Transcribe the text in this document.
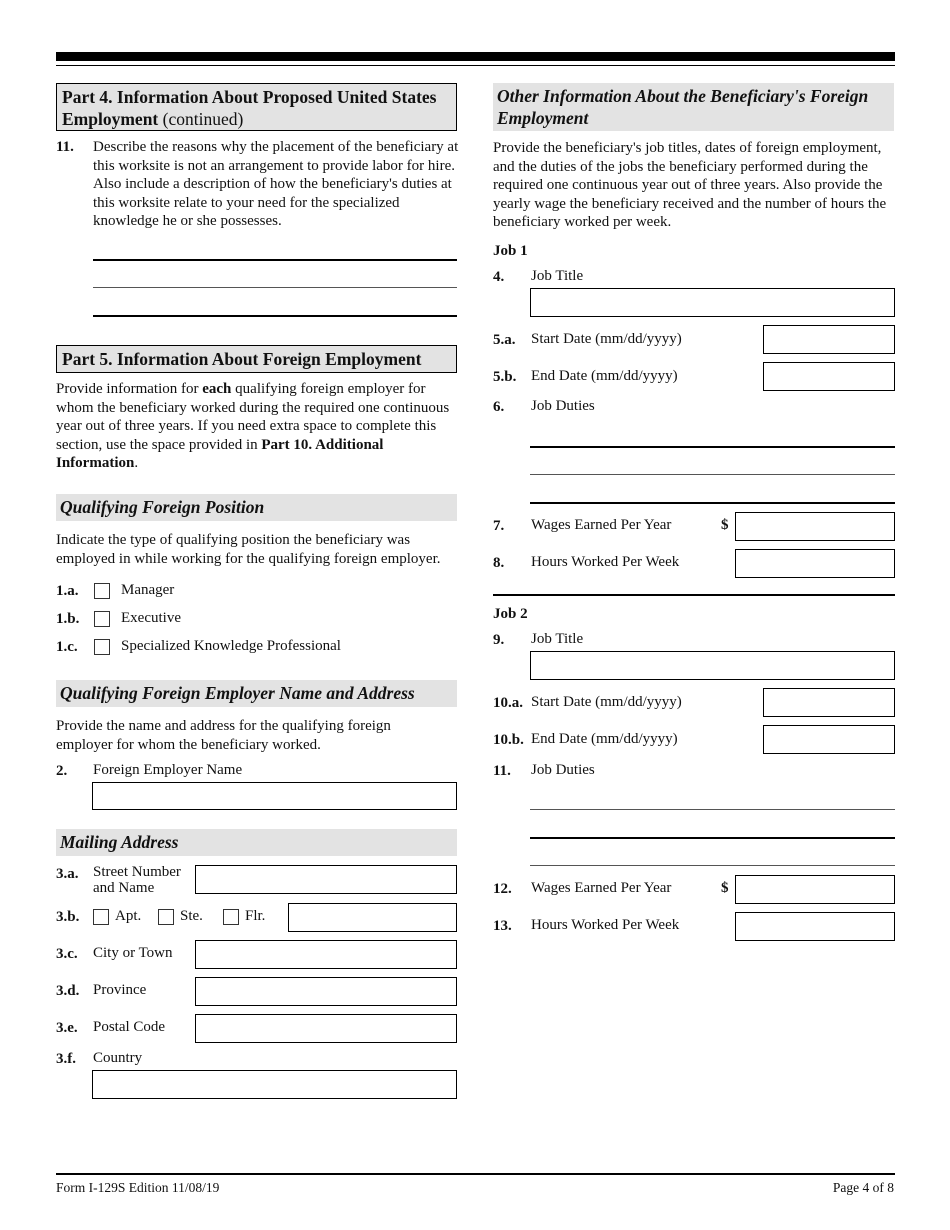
Part 4. Information About Proposed United States Employment (continued)
11. Describe the reasons why the placement of the beneficiary at this worksite is not an arrangement to provide labor for hire. Also include a description of how the beneficiary's duties at this worksite relate to your need for the specialized knowledge he or she possesses.
Part 5. Information About Foreign Employment
Provide information for each qualifying foreign employer for whom the beneficiary worked during the required one continuous year out of three years. If you need extra space to complete this section, use the space provided in Part 10. Additional Information.
Qualifying Foreign Position
Indicate the type of qualifying position the beneficiary was employed in while working for the qualifying foreign employer.
1.a.	Manager
1.b.	Executive
1.c.	Specialized Knowledge Professional
Qualifying Foreign Employer Name and Address
Provide the name and address for the qualifying foreign employer for whom the beneficiary worked.
2. Foreign Employer Name
Mailing Address
3.a. Street Number
and Name
3.b. Apt.	Ste.	Flr.
3.c. City or Town
3.d. Province
3.e. Postal Code
3.f. Country
Other Information About the Beneficiary's Foreign Employment
Provide the beneficiary's job titles, dates of foreign employment, and the duties of the jobs the beneficiary performed during the required one continuous year out of three years. Also provide the yearly wage the beneficiary received and the number of hours the beneficiary worked per week.
Job 1
4. Job Title
5.a. Start Date (mm/dd/yyyy)
5.b. End Date (mm/dd/yyyy)
6. Job Duties
7. Wages Earned Per Year	$
8. Hours Worked Per Week
Job 2
9. Job Title
10.a. Start Date (mm/dd/yyyy)
10.b. End Date (mm/dd/yyyy)
11. Job Duties
12. Wages Earned Per Year	$
13. Hours Worked Per Week
Form I-129S Edition 11/08/19	Page 4 of 8
